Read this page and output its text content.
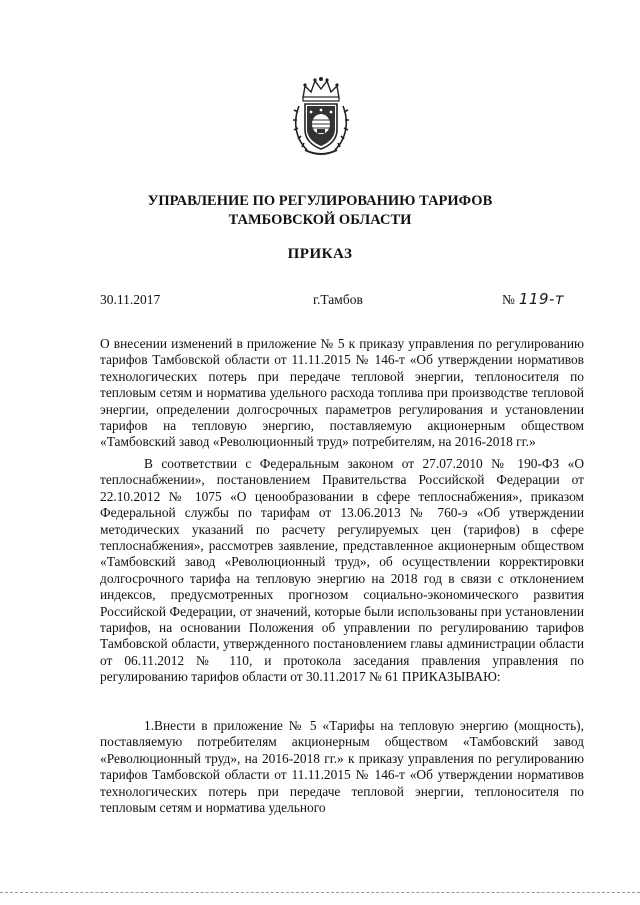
УПРАВЛЕНИЕ ПО РЕГУЛИРОВАНИЮ ТАРИФОВ
ТАМБОВСКОЙ ОБЛАСТИ
ПРИКАЗ
30.11.2017	г.Тамбов	№ 119-т

О внесении изменений в приложение № 5 к приказу управления по регулированию тарифов Тамбовской области от 11.11.2015 № 146-т «Об утверждении нормативов технологических потерь при передаче тепловой энергии, теплоносителя по тепловым сетям и норматива удельного расхода топлива при производстве тепловой энергии, определении долгосрочных параметров регулирования и установлении тарифов на тепловую энергию, поставляемую акционерным обществом «Тамбовский завод «Революционный труд» потребителям, на 2016-2018 гг.»

В соответствии с Федеральным законом от 27.07.2010 № 190-ФЗ «О теплоснабжении», постановлением Правительства Российской Федерации от 22.10.2012 № 1075 «О ценообразовании в сфере теплоснабжения», приказом Федеральной службы по тарифам от 13.06.2013 № 760-э «Об утверждении методических указаний по расчету регулируемых цен (тарифов) в сфере теплоснабжения», рассмотрев заявление, представленное акционерным обществом «Тамбовский завод «Революционный труд», об осуществлении корректировки долгосрочного тарифа на тепловую энергию на 2018 год в связи с отклонением индексов, предусмотренных прогнозом социально-экономического развития Российской Федерации, от значений, которые были использованы при установлении тарифов, на основании Положения об управлении по регулированию тарифов Тамбовской области, утвержденного постановлением главы администрации области от 06.11.2012 № 110, и протокола заседания правления управления по регулированию тарифов области от 30.11.2017 № 61 ПРИКАЗЫВАЮ:

1.Внести в приложение № 5 «Тарифы на тепловую энергию (мощность), поставляемую потребителям акционерным обществом «Тамбовский завод «Революционный труд», на 2016-2018 гг.» к приказу управления по регулированию тарифов Тамбовской области от 11.11.2015 № 146-т «Об утверждении нормативов технологических потерь при передаче тепловой энергии, теплоносителя по тепловым сетям и норматива удельного
